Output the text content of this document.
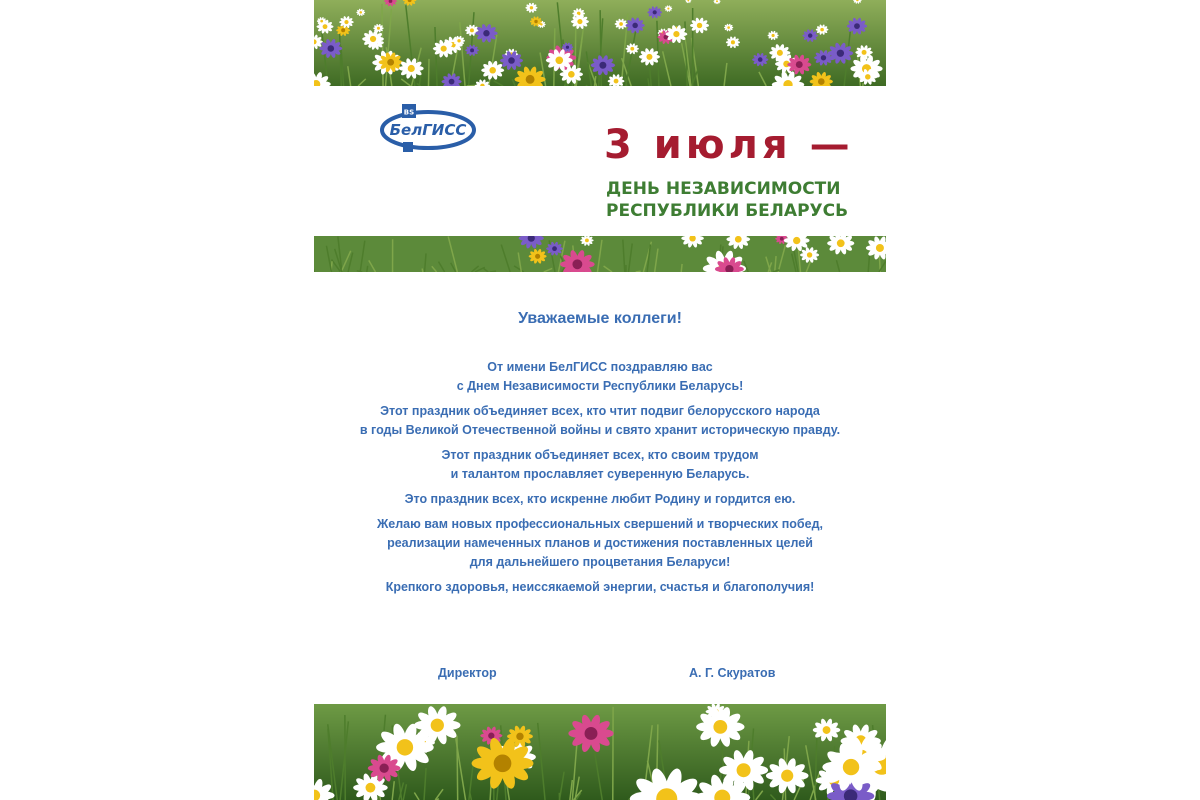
BS
БелГИСС	3 июля —
ДЕНЬ НЕЗАВИСИМОСТИ
РЕСПУБЛИКИ БЕЛАРУСЬ
Уважаемые коллеги!
От имени БелГИСС поздравляю вас
с Днем Независимости Республики Беларусь!
Этот праздник объединяет всех, кто чтит подвиг белорусского народа
в годы Великой Отечественной войны и свято хранит историческую правду.
Этот праздник объединяет всех, кто своим трудом
и талантом прославляет суверенную Беларусь.
Это праздник всех, кто искренне любит Родину и гордится ею.
Желаю вам новых профессиональных свершений и творческих побед,
реализации намеченных планов и достижения поставленных целей
для дальнейшего процветания Беларуси!
Крепкого здоровья, неиссякаемой энергии, счастья и благополучия!
Директор	А. Г. Скуратов
